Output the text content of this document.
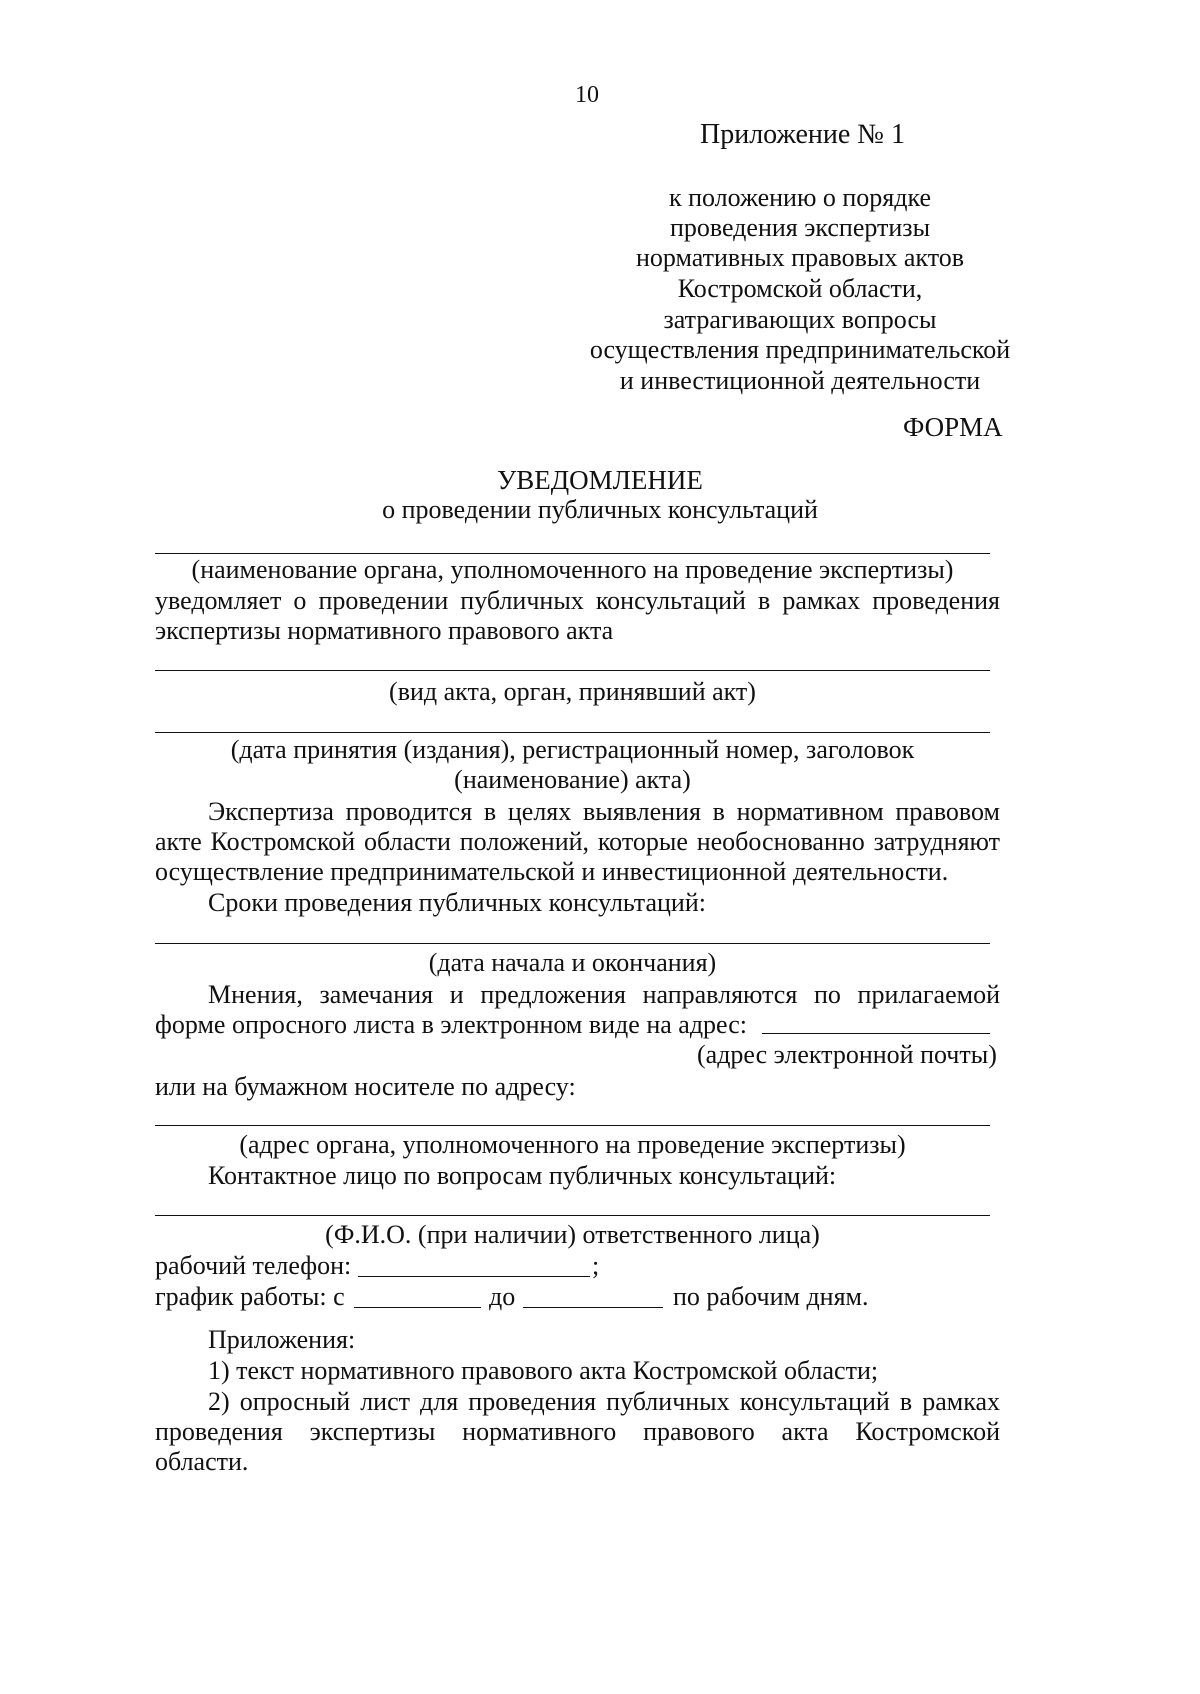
10
Приложение № 1
к положению о порядке
проведения экспертизы
нормативных правовых актов
Костромской области,
затрагивающих вопросы
осуществления предпринимательской
и инвестиционной деятельности
ФОРМА
УВЕДОМЛЕНИЕ
о проведении публичных консультаций
(наименование органа, уполномоченного на проведение экспертизы)
уведомляет о проведении публичных консультаций в рамках проведения
экспертизы нормативного правового акта
(вид акта, орган, принявший акт)
(дата принятия (издания), регистрационный номер, заголовок
(наименование) акта)
Экспертиза проводится в целях выявления в нормативном правовом
акте Костромской области положений, которые необоснованно затрудняют
осуществление предпринимательской и инвестиционной деятельности.
Сроки проведения публичных консультаций:
(дата начала и окончания)
Мнения, замечания и предложения направляются по прилагаемой
форме опросного листа в электронном виде на адрес:
(адрес электронной почты)
или на бумажном носителе по адресу:
(адрес органа, уполномоченного на проведение экспертизы)
Контактное лицо по вопросам публичных консультаций:
(Ф.И.О. (при наличии) ответственного лица)
рабочий телефон:	;
график работы: с	до	по рабочим дням.
Приложения:
1) текст нормативного правового акта Костромской области;
2) опросный лист для проведения публичных консультаций в рамках
проведения экспертизы нормативного правового акта Костромской
области.
